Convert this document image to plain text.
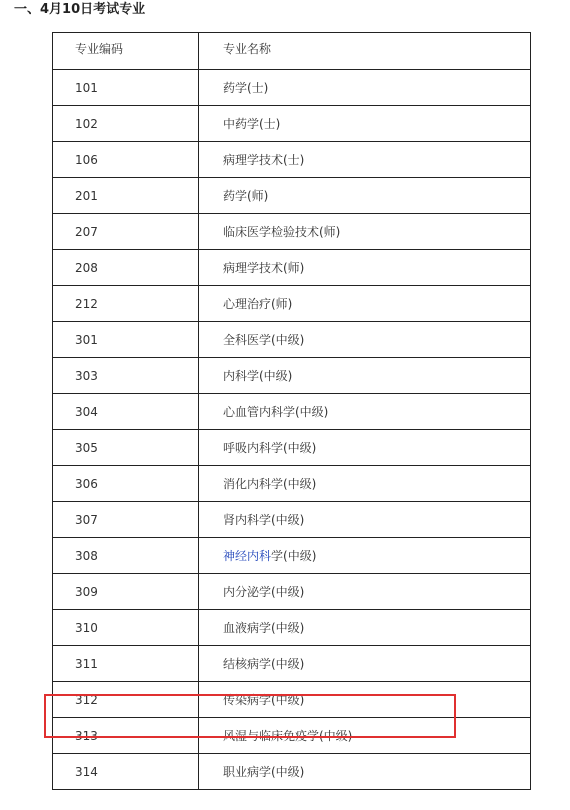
一、4月10日考试专业
专业编码	专业名称
101	药学(士)
102	中药学(士)
106	病理学技术(士)
201	药学(师)
207	临床医学检验技术(师)
208	病理学技术(师)
212	心理治疗(师)
301	全科医学(中级)
303	内科学(中级)
304	心血管内科学(中级)
305	呼吸内科学(中级)
306	消化内科学(中级)
307	肾内科学(中级)
308	神经内科学(中级)
309	内分泌学(中级)
310	血液病学(中级)
311	结核病学(中级)
312	传染病学(中级)
313	风湿与临床免疫学(中级)
314	职业病学(中级)
